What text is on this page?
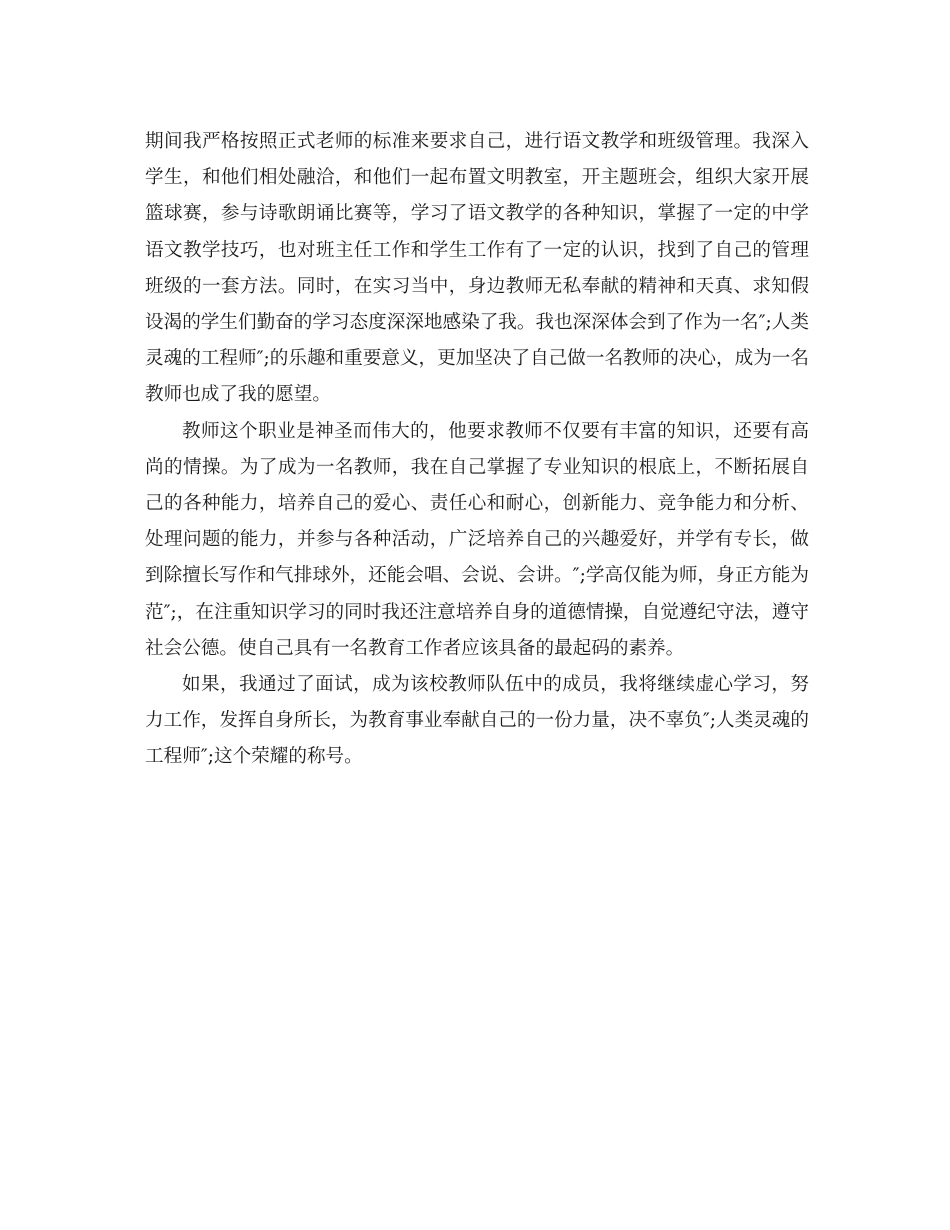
期间我严格按照正式老师的标准来要求自己，进行语文教学和班级管理。我深入学生，和他们相处融洽，和他们一起布置文明教室，开主题班会，组织大家开展篮球赛，参与诗歌朗诵比赛等，学习了语文教学的各种知识，掌握了一定的中学语文教学技巧，也对班主任工作和学生工作有了一定的认识，找到了自己的管理班级的一套方法。同时，在实习当中，身边教师无私奉献的精神和天真、求知假设渴的学生们勤奋的学习态度深深地感染了我。我也深深体会到了作为一名″;人类灵魂的工程师″;的乐趣和重要意义，更加坚决了自己做一名教师的决心，成为一名教师也成了我的愿望。

教师这个职业是神圣而伟大的，他要求教师不仅要有丰富的知识，还要有高尚的情操。为了成为一名教师，我在自己掌握了专业知识的根底上，不断拓展自己的各种能力，培养自己的爱心、责任心和耐心，创新能力、竞争能力和分析、处理问题的能力，并参与各种活动，广泛培养自己的兴趣爱好，并学有专长，做到除擅长写作和气排球外，还能会唱、会说、会讲。″;学高仅能为师，身正方能为范″;，在注重知识学习的同时我还注意培养自身的道德情操，自觉遵纪守法，遵守社会公德。使自己具有一名教育工作者应该具备的最起码的素养。

如果，我通过了面试，成为该校教师队伍中的成员，我将继续虚心学习，努力工作，发挥自身所长，为教育事业奉献自己的一份力量，决不辜负″;人类灵魂的工程师″;这个荣耀的称号。
